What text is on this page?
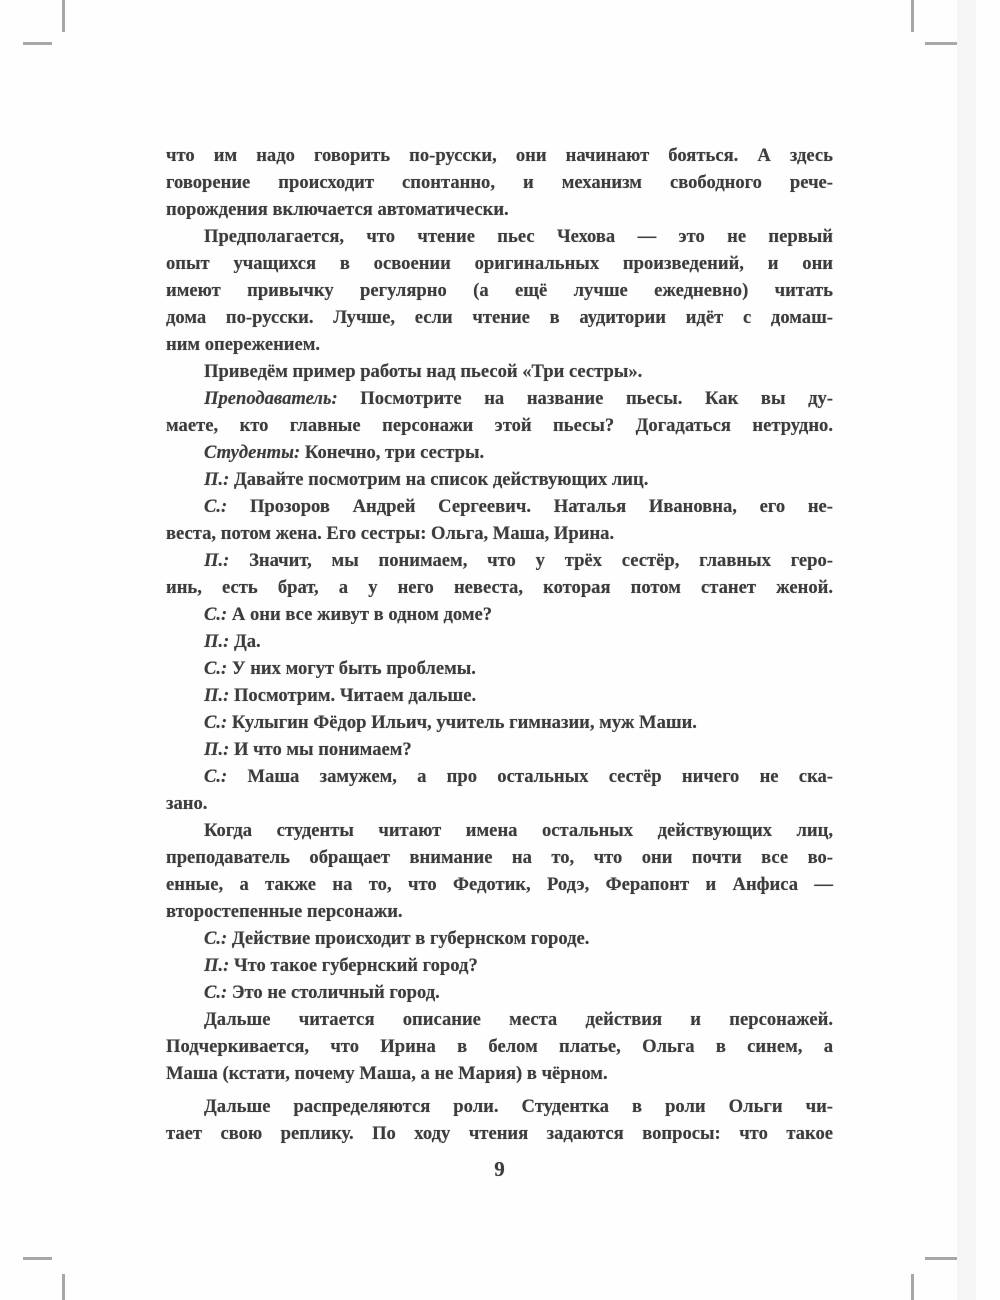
что им надо говорить по-русски, они начинают бояться. А здесь
говорение происходит спонтанно, и механизм свободного рече-
порождения включается автоматически.
Предполагается, что чтение пьес Чехова — это не первый
опыт учащихся в освоении оригинальных произведений, и они
имеют привычку регулярно (а ещё лучше ежедневно) читать
дома по-русски. Лучше, если чтение в аудитории идёт с домаш-
ним опережением.
Приведём пример работы над пьесой «Три сестры».
Преподаватель: Посмотрите на название пьесы. Как вы ду-
маете, кто главные персонажи этой пьесы? Догадаться нетрудно.
Студенты: Конечно, три сестры.
П.: Давайте посмотрим на список действующих лиц.
С.: Прозоров Андрей Сергеевич. Наталья Ивановна, его не-
веста, потом жена. Его сестры: Ольга, Маша, Ирина.
П.: Значит, мы понимаем, что у трёх сестёр, главных геро-
инь, есть брат, а у него невеста, которая потом станет женой.
С.: А они все живут в одном доме?
П.: Да.
С.: У них могут быть проблемы.
П.: Посмотрим. Читаем дальше.
С.: Кулыгин Фёдор Ильич, учитель гимназии, муж Маши.
П.: И что мы понимаем?
С.: Маша замужем, а про остальных сестёр ничего не ска-
зано.
Когда студенты читают имена остальных действующих лиц,
преподаватель обращает внимание на то, что они почти все во-
енные, а также на то, что Федотик, Родэ, Ферапонт и Анфиса —
второстепенные персонажи.
С.: Действие происходит в губернском городе.
П.: Что такое губернский город?
С.: Это не столичный город.
Дальше читается описание места действия и персонажей.
Подчеркивается, что Ирина в белом платье, Ольга в синем, а
Маша (кстати, почему Маша, а не Мария) в чёрном.
Дальше распределяются роли. Студентка в роли Ольги чи-
тает свою реплику. По ходу чтения задаются вопросы: что такое
9
